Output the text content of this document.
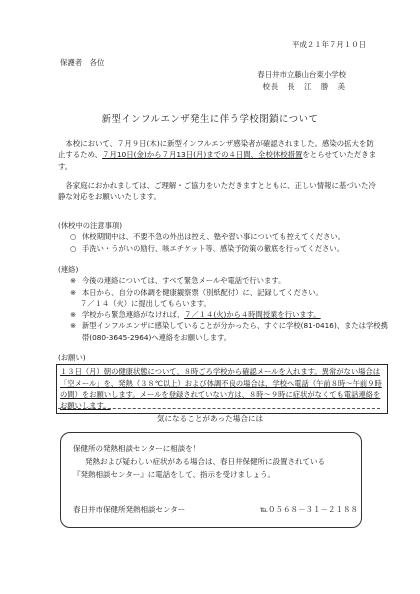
平成２１年７月１０日
保護者　各位
春日井市立藤山台東小学校
校長 長　江　勝　美
新型インフルエンザ発生に伴う学校閉鎖について
本校において、７月９日(木)に新型インフルエンザ感染者が確認されました。感染の拡大を防止するため、７月10日(金)から７月13日(月)までの４日間、全校休校措置をとらせていただきます。
各家庭におかれましては、ご理解・ご協力をいただきますとともに、正しい情報に基づいた冷静な対応をお願いいたします。
(休校中の注意事項)
○ 休校期間中は、不要不急の外出は控え、塾や習い事についても控えてください。
○ 手洗い・うがいの励行、咳エチケット等、感染予防策の徹底を行ってください。
(連絡)
※ 今後の連絡については、すべて緊急メールや電話で行います。
※ 本日から、自分の体調を健康観察票（別紙配付）に、記録してください。
７／１４（火）に提出してもらいます。
※ 学校から緊急連絡がなければ、７／１４(火)から４時間授業を行います。
※ 新型インフルエンザに感染していることが分かったら、すぐに学校(81-0416)、または学校携帯(080-3645-2964)へ連絡をお願いします。
(お願い)
１３日（月）朝の健康状態について、８時ごろ学校から確認メールを入れます。異常がない場合は「空メール」を、発熱（３８℃以上）および体調不良の場合は、学校へ電話（午前８時〜午前９時の間）をお願いします。メールを登録されていない方は、８時〜９時に症状がなくても電話連絡をお願いします。
気になることがあった場合には
保健所の発熱相談センターに相談を！
発熱および疑わしい症状がある場合は、春日井保健所に設置されている
『発熱相談センター』に電話をして、指示を受けましょう。
春日井市保健所発熱相談センター	℡０５６８－３１－２１８８
